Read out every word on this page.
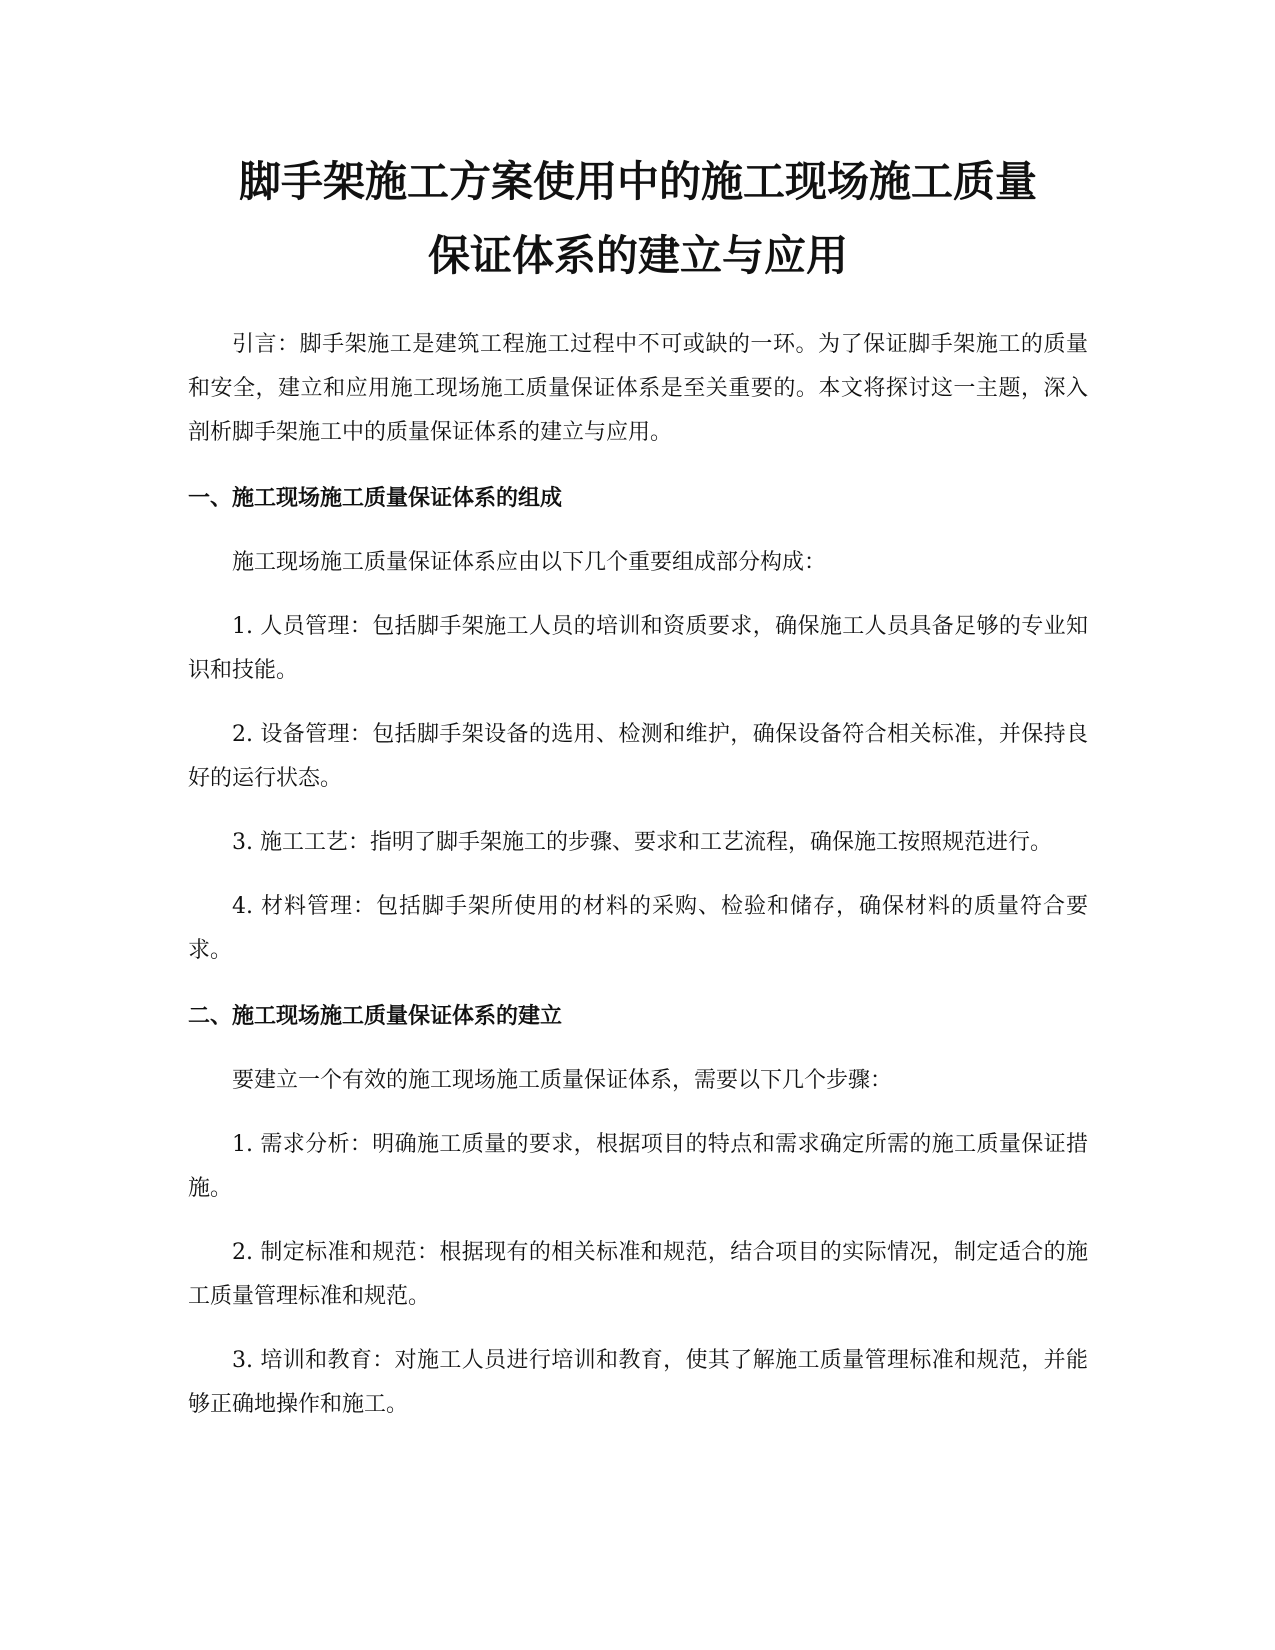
脚手架施工方案使用中的施工现场施工质量
保证体系的建立与应用

引言：脚手架施工是建筑工程施工过程中不可或缺的一环。为了保证脚手架施工的质量和安全，建立和应用施工现场施工质量保证体系是至关重要的。本文将探讨这一主题，深入剖析脚手架施工中的质量保证体系的建立与应用。

一、施工现场施工质量保证体系的组成

施工现场施工质量保证体系应由以下几个重要组成部分构成：

1. 人员管理：包括脚手架施工人员的培训和资质要求，确保施工人员具备足够的专业知识和技能。

2. 设备管理：包括脚手架设备的选用、检测和维护，确保设备符合相关标准，并保持良好的运行状态。

3. 施工工艺：指明了脚手架施工的步骤、要求和工艺流程，确保施工按照规范进行。

4. 材料管理：包括脚手架所使用的材料的采购、检验和储存，确保材料的质量符合要求。

二、施工现场施工质量保证体系的建立

要建立一个有效的施工现场施工质量保证体系，需要以下几个步骤：

1. 需求分析：明确施工质量的要求，根据项目的特点和需求确定所需的施工质量保证措施。

2. 制定标准和规范：根据现有的相关标准和规范，结合项目的实际情况，制定适合的施工质量管理标准和规范。

3. 培训和教育：对施工人员进行培训和教育，使其了解施工质量管理标准和规范，并能够正确地操作和施工。
